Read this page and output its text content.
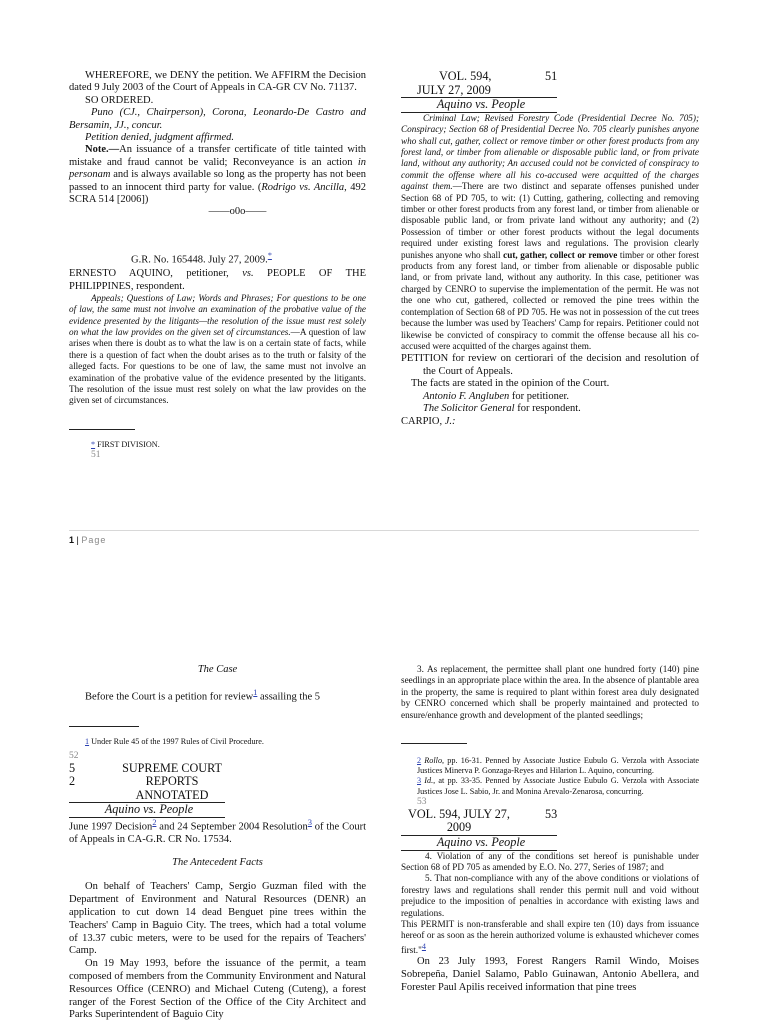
WHEREFORE, we DENY the petition. We AFFIRM the Decision dated 9 July 2003 of the Court of Appeals in CA-GR CV No. 71137.

SO ORDERED.

Puno (CJ., Chairperson), Corona, Leonardo-De Castro and Bersamin, JJ., concur.

Petition denied, judgment affirmed.

Note.—An issuance of a transfer certificate of title tainted with mistake and fraud cannot be valid; Reconveyance is an action in personam and is always available so long as the property has not been passed to an innocent third party for value. (Rodrigo vs. Ancilla, 492 SCRA 514 [2006])

——o0o——

G.R. No. 165448. July 27, 2009.*

ERNESTO AQUINO, petitioner, vs. PEOPLE OF THE PHILIPPINES, respondent.

Appeals; Questions of Law; Words and Phrases; For questions to be one of law, the same must not involve an examination of the probative value of the evidence presented by the litigants—the resolution of the issue must rest solely on what the law provides on the given set of circumstances.—A question of law arises when there is doubt as to what the law is on a certain state of facts, while there is a question of fact when the doubt arises as to the truth or falsity of the alleged facts. For questions to be one of law, the same must not involve an examination of the probative value of the evidence presented by the litigants. The resolution of the issue must rest solely on what the law provides on the given set of circumstances.

* FIRST DIVISION.

51

VOL. 594,	51

JULY 27, 2009

Aquino vs. People

Criminal Law; Revised Forestry Code (Presidential Decree No. 705); Conspiracy; Section 68 of Presidential Decree No. 705 clearly punishes anyone who shall cut, gather, collect or remove timber or other forest products from any forest land, or timber from alienable or disposable public land, or from private land, without any authority; An accused could not be convicted of conspiracy to commit the offense where all his co-accused were acquitted of the charges against them.—There are two distinct and separate offenses punished under Section 68 of PD 705, to wit: (1) Cutting, gathering, collecting and removing timber or other forest products from any forest land, or timber from alienable or disposable public land, or from private land without any authority; and (2) Possession of timber or other forest products without the legal documents required under existing forest laws and regulations. The provision clearly punishes anyone who shall cut, gather, collect or remove timber or other forest products from any forest land, or timber from alienable or disposable public land, or from private land, without any authority. In this case, petitioner was charged by CENRO to supervise the implementation of the permit. He was not the one who cut, gathered, collected or removed the pine trees within the contemplation of Section 68 of PD 705. He was not in possession of the cut trees because the lumber was used by Teachers' Camp for repairs. Petitioner could not likewise be convicted of conspiracy to commit the offense because all his co-accused were acquitted of the charges against them.

PETITION for review on certiorari of the decision and resolution of the Court of Appeals.

The facts are stated in the opinion of the Court.

Antonio F. Angluben for petitioner.

The Solicitor General for respondent.

CARPIO, J.:

1 | Page

The Case

Before the Court is a petition for review$^1$ assailing the 5

1 Under Rule 45 of the 1997 Rules of Civil Procedure.

52

5
2
SUPREME COURT
REPORTS
ANNOTATED

Aquino vs. People

June 1997 Decision$^2$ and 24 September 2004 Resolution$^3$ of the Court of Appeals in CA-G.R. CR No. 17534.

The Antecedent Facts

On behalf of Teachers' Camp, Sergio Guzman filed with the Department of Environment and Natural Resources (DENR) an application to cut down 14 dead Benguet pine trees within the Teachers' Camp in Baguio City. The trees, which had a total volume of 13.37 cubic meters, were to be used for the repairs of Teachers' Camp.

On 19 May 1993, before the issuance of the permit, a team composed of members from the Community Environment and Natural Resources Office (CENRO) and Michael Cuteng (Cuteng), a forest ranger of the Forest Section of the Office of the City Architect and Parks Superintendent of Baguio City

3. As replacement, the permittee shall plant one hundred forty (140) pine seedlings in an appropriate place within the area. In the absence of plantable area in the property, the same is required to plant within forest area duly designated by CENRO concerned which shall be properly maintained and protected to ensure/enhance growth and development of the planted seedlings;

2 Rollo, pp. 16-31. Penned by Associate Justice Eubulo G. Verzola with Associate Justices Minerva P. Gonzaga-Reyes and Hilarion L. Aquino, concurring.

3 Id., at pp. 33-35. Penned by Associate Justice Eubulo G. Verzola with Associate Justices Jose L. Sabio, Jr. and Monina Arevalo-Zenarosa, concurring.

53

VOL. 594, JULY 27,
2009
53

Aquino vs. People

4. Violation of any of the conditions set hereof is punishable under Section 68 of PD 705 as amended by E.O. No. 277, Series of 1987; and

5. That non-compliance with any of the above conditions or violations of forestry laws and regulations shall render this permit null and void without prejudice to the imposition of penalties in accordance with existing laws and regulations.

This PERMIT is non-transferable and shall expire ten (10) days from issuance hereof or as soon as the herein authorized volume is exhausted whichever comes first."$^4$

On 23 July 1993, Forest Rangers Ramil Windo, Moises Sobrepeña, Daniel Salamo, Pablo Guinawan, Antonio Abellera, and Forester Paul Apilis received information that pine trees
